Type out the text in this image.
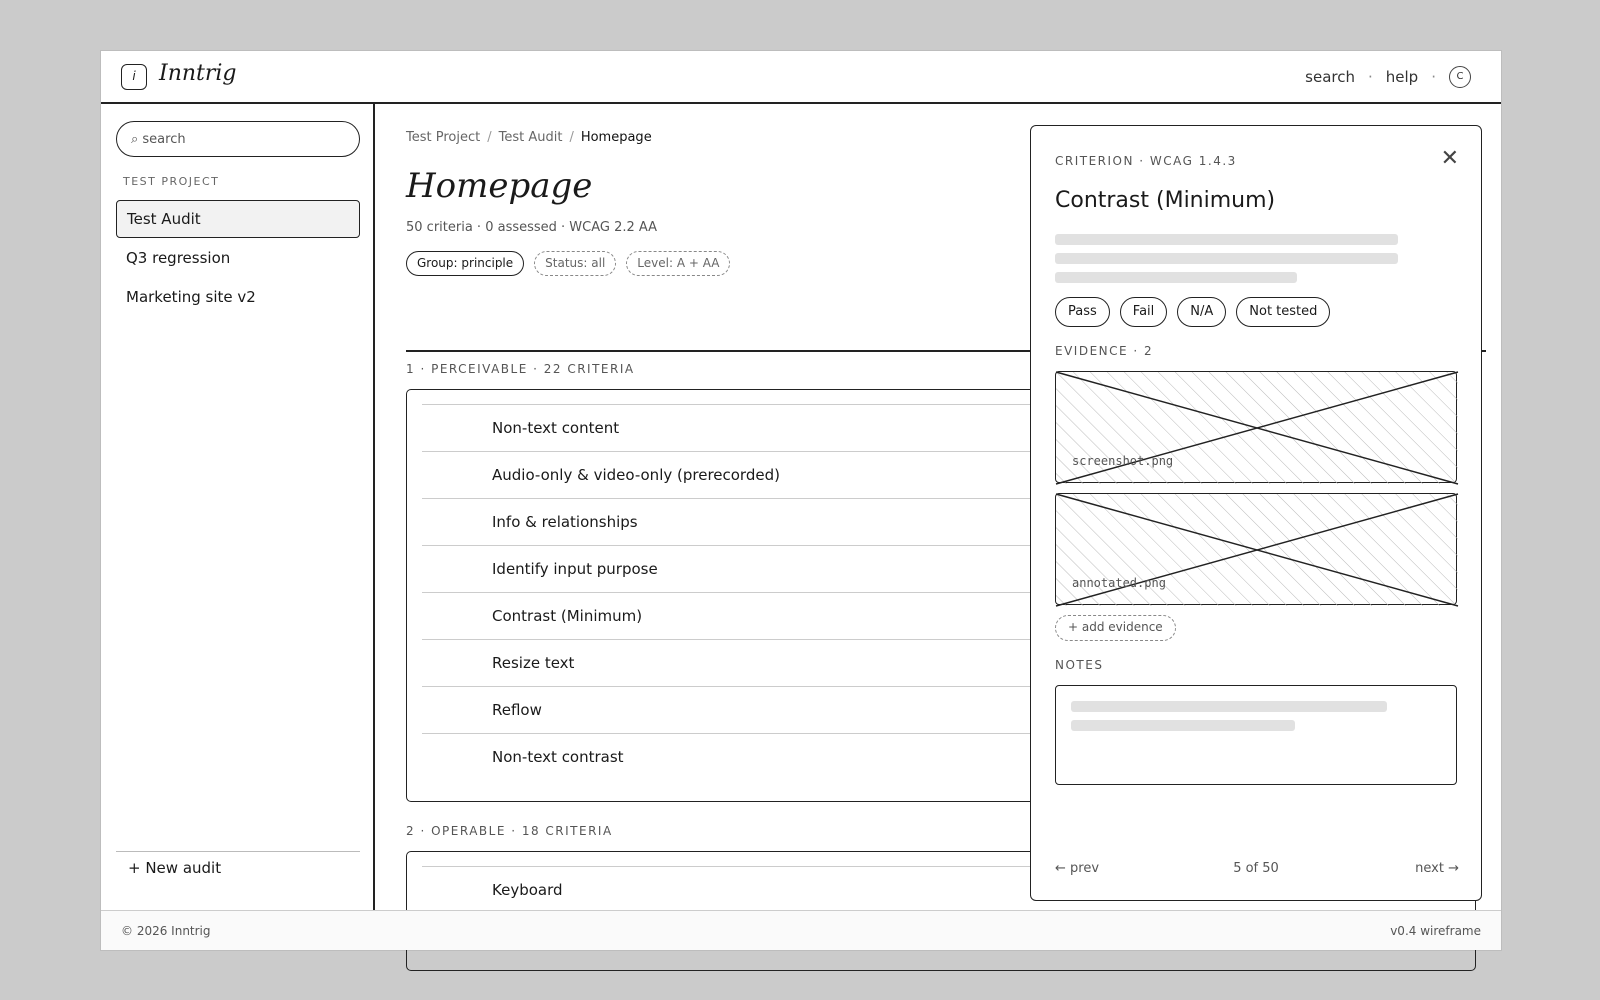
i	Inntrig	search · help ·	C
⌕ search
TEST PROJECT
Test Audit
Q3 regression
Marketing site v2
+ New audit
Test Project / Test Audit / Homepage
Homepage
50 criteria · 0 assessed · WCAG 2.2 AA
Group: principle	Status: all	Level: A + AA
1 · PERCEIVABLE · 22 CRITERIA
Non-text content
Audio-only & video-only (prerecorded)
Info & relationships
Identify input purpose
Contrast (Minimum)
Resize text
Reflow
Non-text contrast
2 · OPERABLE · 18 CRITERIA
Keyboard
© 2026 Inntrig	v0.4 wireframe
CRITERION · WCAG 1.4.3	✕
Contrast (Minimum)
Pass	Fail	N/A	Not tested
EVIDENCE · 2
screenshot.png
annotated.png
+ add evidence
NOTES
← prev	5 of 50	next →
